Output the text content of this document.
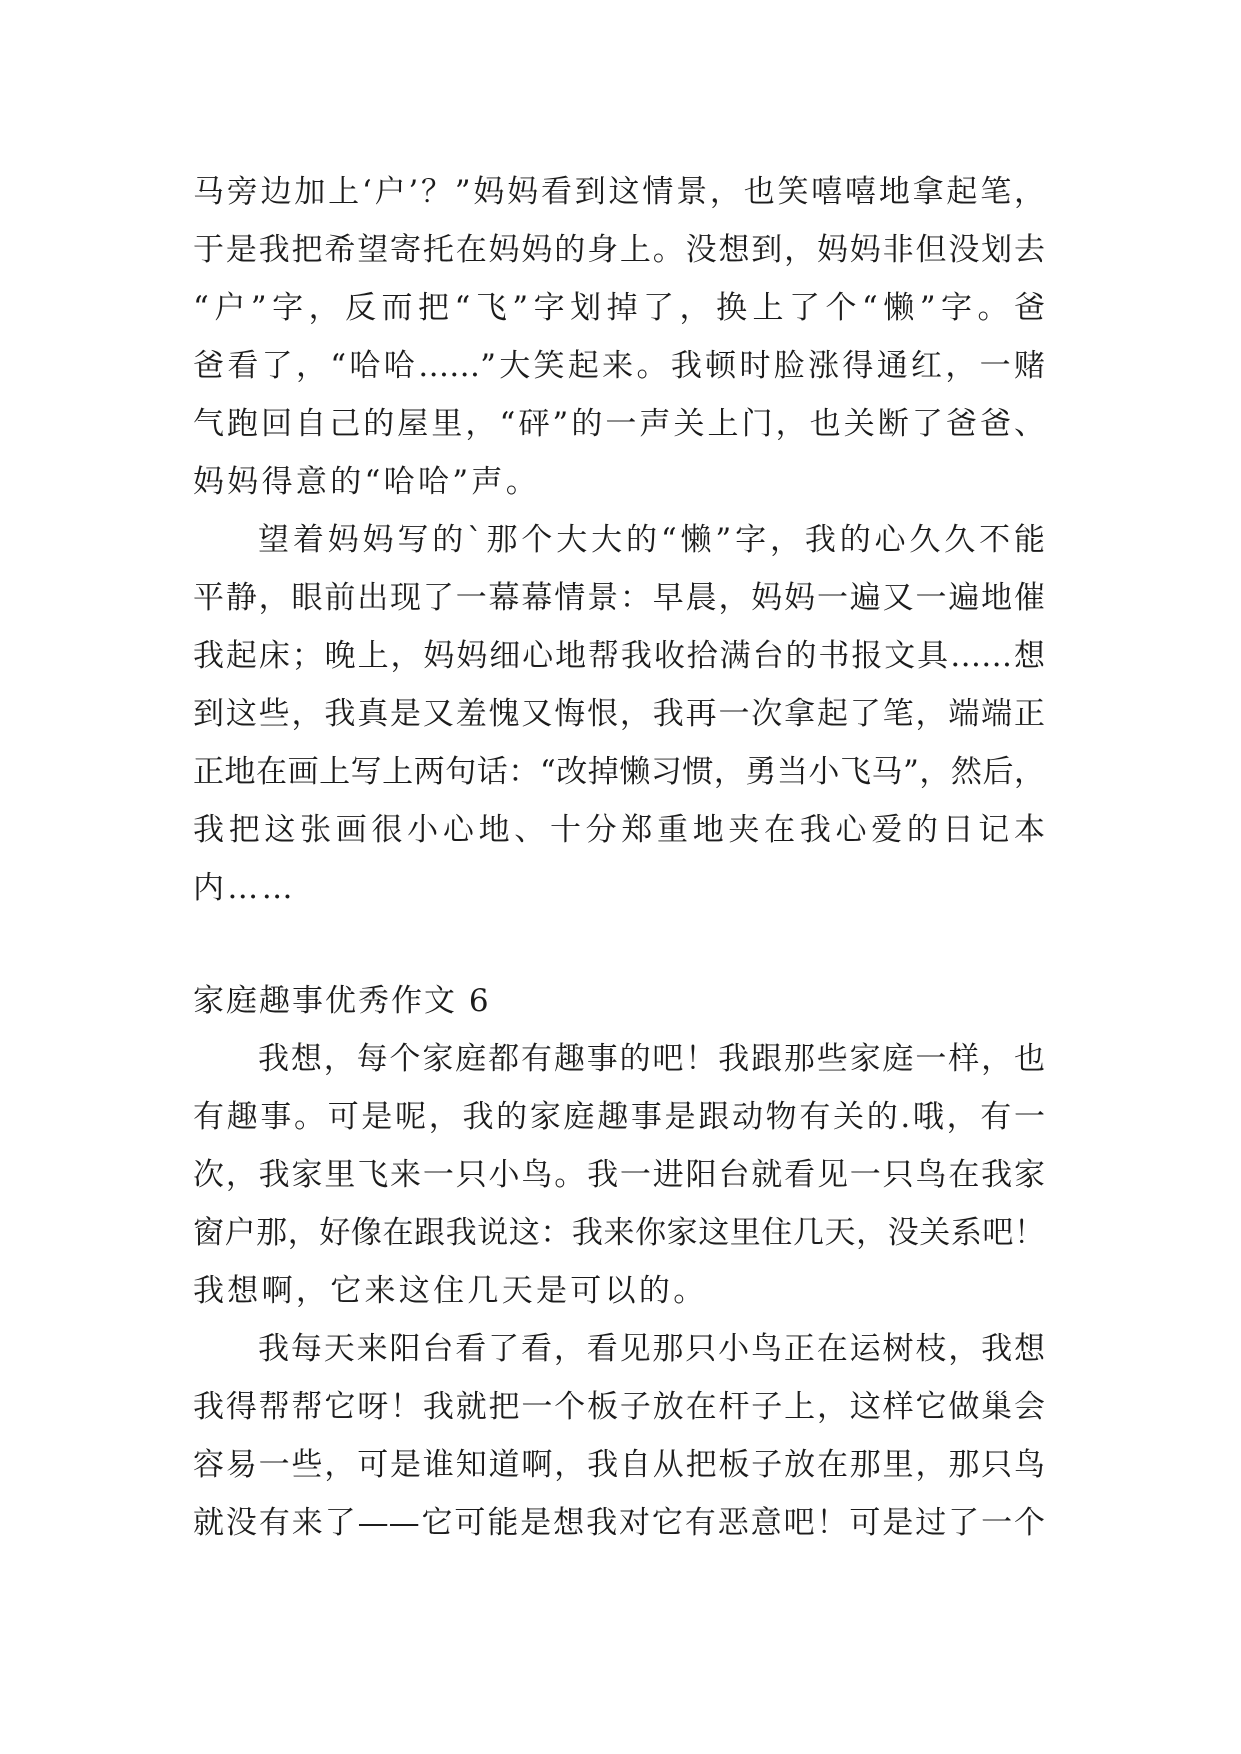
马旁边加上‘户’？”妈妈看到这情景，也笑嘻嘻地拿起笔，
于是我把希望寄托在妈妈的身上。没想到，妈妈非但没划去
“户”字，反而把“飞”字划掉了，换上了个“懒”字。爸
爸看了，“哈哈……”大笑起来。我顿时脸涨得通红，一赌
气跑回自己的屋里，“砰”的一声关上门，也关断了爸爸、
妈妈得意的“哈哈”声。
望着妈妈写的`那个大大的“懒”字，我的心久久不能
平静，眼前出现了一幕幕情景：早晨，妈妈一遍又一遍地催
我起床；晚上，妈妈细心地帮我收拾满台的书报文具……想
到这些，我真是又羞愧又悔恨，我再一次拿起了笔，端端正
正地在画上写上两句话：“改掉懒习惯，勇当小飞马”，然后，
我把这张画很小心地、十分郑重地夹在我心爱的日记本
内……
家庭趣事优秀作文 6
我想，每个家庭都有趣事的吧！我跟那些家庭一样，也
有趣事。可是呢，我的家庭趣事是跟动物有关的.哦，有一
次，我家里飞来一只小鸟。我一进阳台就看见一只鸟在我家
窗户那，好像在跟我说这：我来你家这里住几天，没关系吧！
我想啊，它来这住几天是可以的。
我每天来阳台看了看，看见那只小鸟正在运树枝，我想
我得帮帮它呀！我就把一个板子放在杆子上，这样它做巢会
容易一些，可是谁知道啊，我自从把板子放在那里，那只鸟
就没有来了——它可能是想我对它有恶意吧！可是过了一个
